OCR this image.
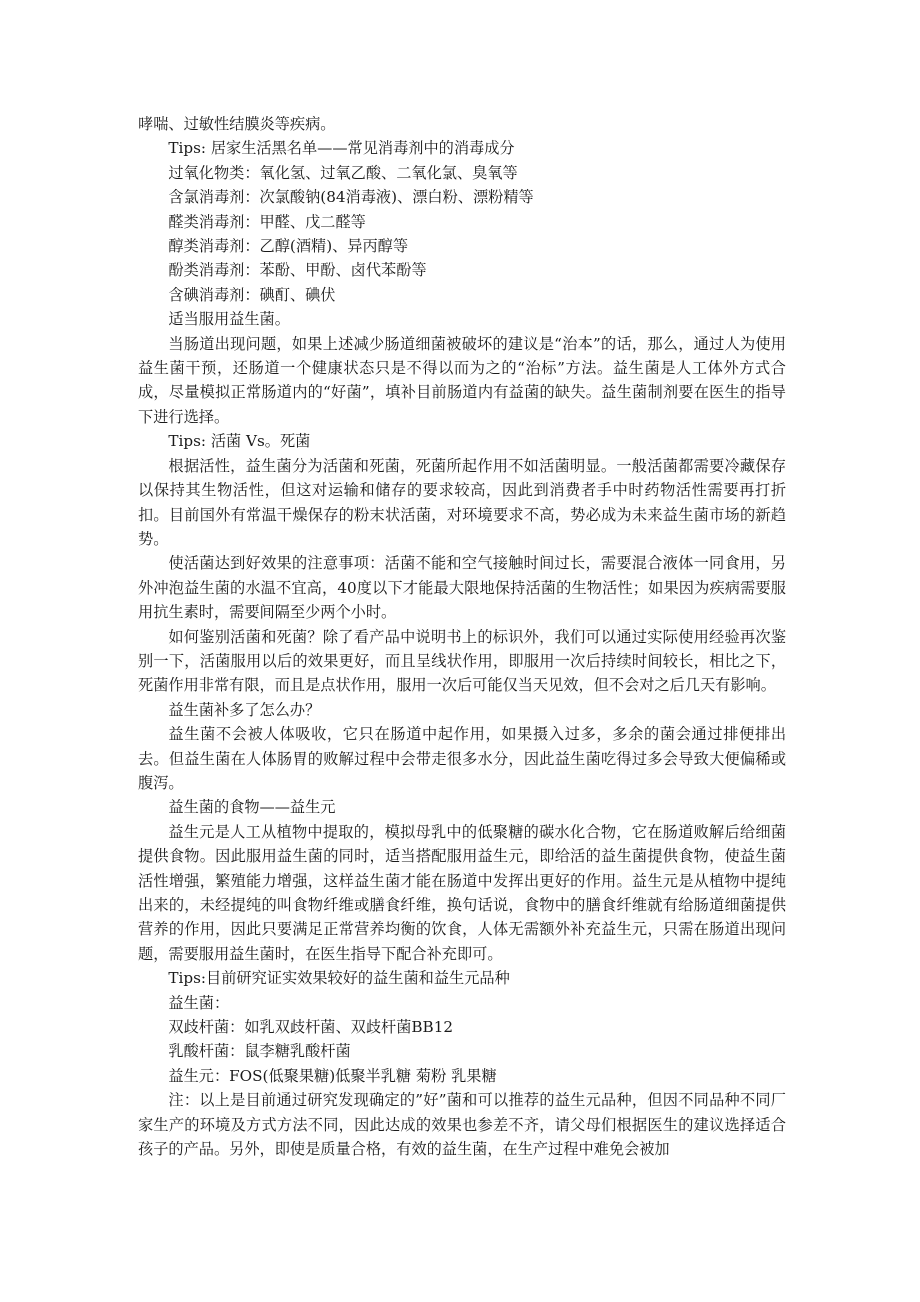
哮喘、过敏性结膜炎等疾病。

Tips: 居家生活黑名单——常见消毒剂中的消毒成分

过氧化物类：氧化氢、过氧乙酸、二氧化氯、臭氧等

含氯消毒剂：次氯酸钠(84消毒液)、漂白粉、漂粉精等

醛类消毒剂：甲醛、戊二醛等

醇类消毒剂：乙醇(酒精)、异丙醇等

酚类消毒剂：苯酚、甲酚、卤代苯酚等

含碘消毒剂：碘酊、碘伏

适当服用益生菌。

当肠道出现问题，如果上述减少肠道细菌被破坏的建议是“治本”的话，那么，通过人为使用益生菌干预，还肠道一个健康状态只是不得以而为之的“治标”方法。益生菌是人工体外方式合成，尽量模拟正常肠道内的“好菌”，填补目前肠道内有益菌的缺失。益生菌制剂要在医生的指导下进行选择。

Tips: 活菌 Vs。死菌

根据活性，益生菌分为活菌和死菌，死菌所起作用不如活菌明显。一般活菌都需要冷藏保存以保持其生物活性，但这对运输和储存的要求较高，因此到消费者手中时药物活性需要再打折扣。目前国外有常温干燥保存的粉末状活菌，对环境要求不高，势必成为未来益生菌市场的新趋势。

使活菌达到好效果的注意事项：活菌不能和空气接触时间过长，需要混合液体一同食用，另外冲泡益生菌的水温不宜高，40度以下才能最大限地保持活菌的生物活性；如果因为疾病需要服用抗生素时，需要间隔至少两个小时。

如何鉴别活菌和死菌？除了看产品中说明书上的标识外，我们可以通过实际使用经验再次鉴别一下，活菌服用以后的效果更好，而且呈线状作用，即服用一次后持续时间较长，相比之下，死菌作用非常有限，而且是点状作用，服用一次后可能仅当天见效，但不会对之后几天有影响。

益生菌补多了怎么办？

益生菌不会被人体吸收，它只在肠道中起作用，如果摄入过多，多余的菌会通过排便排出去。但益生菌在人体肠胃的败解过程中会带走很多水分，因此益生菌吃得过多会导致大便偏稀或腹泻。

益生菌的食物——益生元

益生元是人工从植物中提取的，模拟母乳中的低聚糖的碳水化合物，它在肠道败解后给细菌提供食物。因此服用益生菌的同时，适当搭配服用益生元，即给活的益生菌提供食物，使益生菌活性增强，繁殖能力增强，这样益生菌才能在肠道中发挥出更好的作用。益生元是从植物中提纯出来的，未经提纯的叫食物纤维或膳食纤维，换句话说，食物中的膳食纤维就有给肠道细菌提供营养的作用，因此只要满足正常营养均衡的饮食，人体无需额外补充益生元，只需在肠道出现问题，需要服用益生菌时，在医生指导下配合补充即可。

Tips:目前研究证实效果较好的益生菌和益生元品种

益生菌：

双歧杆菌：如乳双歧杆菌、双歧杆菌BB12

乳酸杆菌：鼠李糖乳酸杆菌

益生元：FOS(低聚果糖)低聚半乳糖 菊粉 乳果糖

注：以上是目前通过研究发现确定的”好”菌和可以推荐的益生元品种，但因不同品种不同厂家生产的环境及方式方法不同，因此达成的效果也参差不齐，请父母们根据医生的建议选择适合孩子的产品。另外，即使是质量合格，有效的益生菌，在生产过程中难免会被加
